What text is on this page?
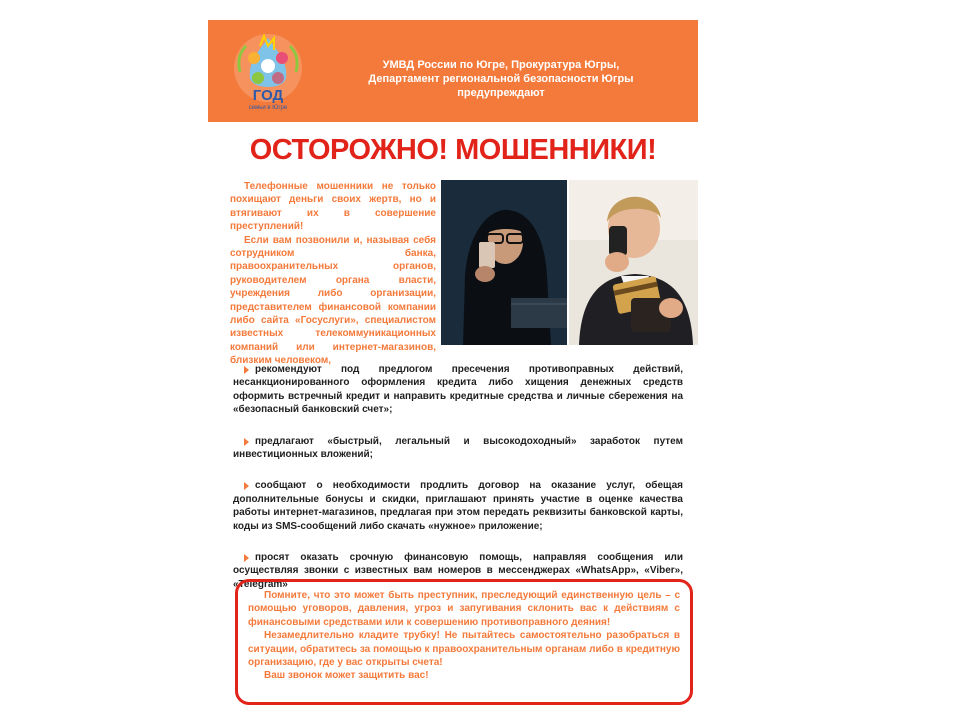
ГОД
семьи в Югре
УМВД России по Югре, Прокуратура Югры,
Департамент региональной безопасности Югры
предупреждают
ОСТОРОЖНО! МОШЕННИКИ!

Телефонные мошенники не только похищают деньги своих жертв, но и втягивают их в совершение преступлений!

Если вам позвонили и, называя себя сотрудником банка, правоохранительных органов, руководителем органа власти, учреждения либо организации, представителем финансовой компании либо сайта «Госуслуги», специалистом известных телекоммуникационных компаний или интернет-магазинов, близким человеком,

рекомендуют под предлогом пресечения противоправных действий, несанкционированного оформления кредита либо хищения денежных средств оформить встречный кредит и направить кредитные средства и личные сбережения на «безопасный банковский счет»;
предлагают «быстрый, легальный и высокодоходный» заработок путем инвестиционных вложений;
сообщают о необходимости продлить договор на оказание услуг, обещая дополнительные бонусы и скидки, приглашают принять участие в оценке качества работы интернет-магазинов, предлагая при этом передать реквизиты банковской карты, коды из SMS-сообщений либо скачать «нужное» приложение;
просят оказать срочную финансовую помощь, направляя сообщения или осуществляя звонки с известных вам номеров в мессенджерах «WhatsApp», «Viber», «Telegram»

Помните, что это может быть преступник, преследующий единственную цель – с помощью уговоров, давления, угроз и запугивания склонить вас к действиям с финансовыми средствами или к совершению противоправного деяния!

Незамедлительно кладите трубку! Не пытайтесь самостоятельно разобраться в ситуации, обратитесь за помощью к правоохранительным органам либо в кредитную организацию, где у вас открыты счета!

Ваш звонок может защитить вас!
